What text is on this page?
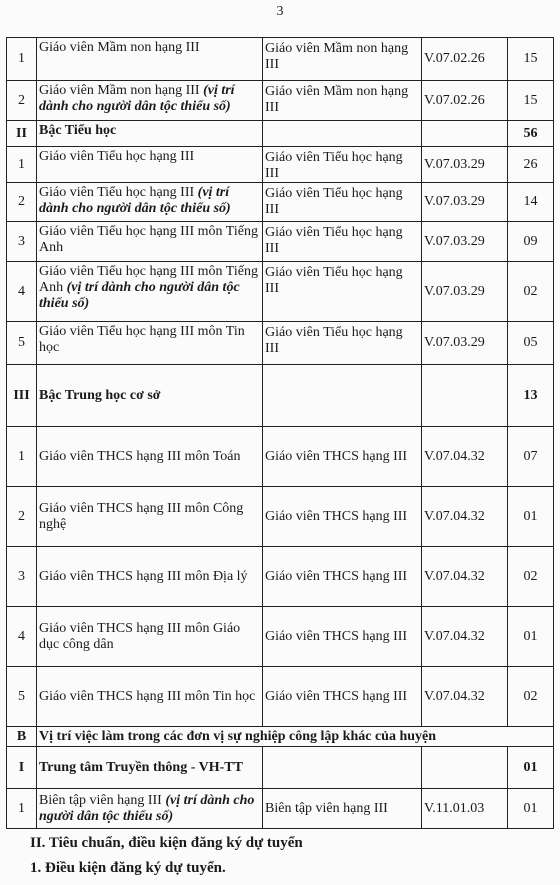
3
1	Giáo viên Mầm non hạng III	Giáo viên Mầm non hạng III	V.07.02.26	15
2	Giáo viên Mầm non hạng III (vị trí dành cho người dân tộc thiểu số)	Giáo viên Mầm non hạng III	V.07.02.26	15
II	Bậc Tiểu học			56
1	Giáo viên Tiểu học hạng III	Giáo viên Tiểu học hạng III	V.07.03.29	26
2	Giáo viên Tiểu học hạng III (vị trí dành cho người dân tộc thiểu số)	Giáo viên Tiểu học hạng III	V.07.03.29	14
3	Giáo viên Tiểu học hạng III môn Tiếng Anh	Giáo viên Tiểu học hạng III	V.07.03.29	09
4	Giáo viên Tiểu học hạng III môn Tiếng Anh (vị trí dành cho người dân tộc thiểu số)	Giáo viên Tiểu học hạng III	V.07.03.29	02
5	Giáo viên Tiểu học hạng III môn Tin học	Giáo viên Tiểu học hạng III	V.07.03.29	05
III	Bậc Trung học cơ sở			13
1	Giáo viên THCS hạng III môn Toán	Giáo viên THCS hạng III	V.07.04.32	07
2	Giáo viên THCS hạng III môn Công nghệ	Giáo viên THCS hạng III	V.07.04.32	01
3	Giáo viên THCS hạng III môn Địa lý	Giáo viên THCS hạng III	V.07.04.32	02
4	Giáo viên THCS hạng III môn Giáo dục công dân	Giáo viên THCS hạng III	V.07.04.32	01
5	Giáo viên THCS hạng III môn Tin học	Giáo viên THCS hạng III	V.07.04.32	02
B	Vị trí việc làm trong các đơn vị sự nghiệp công lập khác của huyện			
I	Trung tâm Truyền thông - VH-TT			01
1	Biên tập viên hạng III (vị trí dành cho người dân tộc thiểu số)	Biên tập viên hạng III	V.11.01.03	01
II. Tiêu chuẩn, điều kiện đăng ký dự tuyển
1. Điều kiện đăng ký dự tuyển.
